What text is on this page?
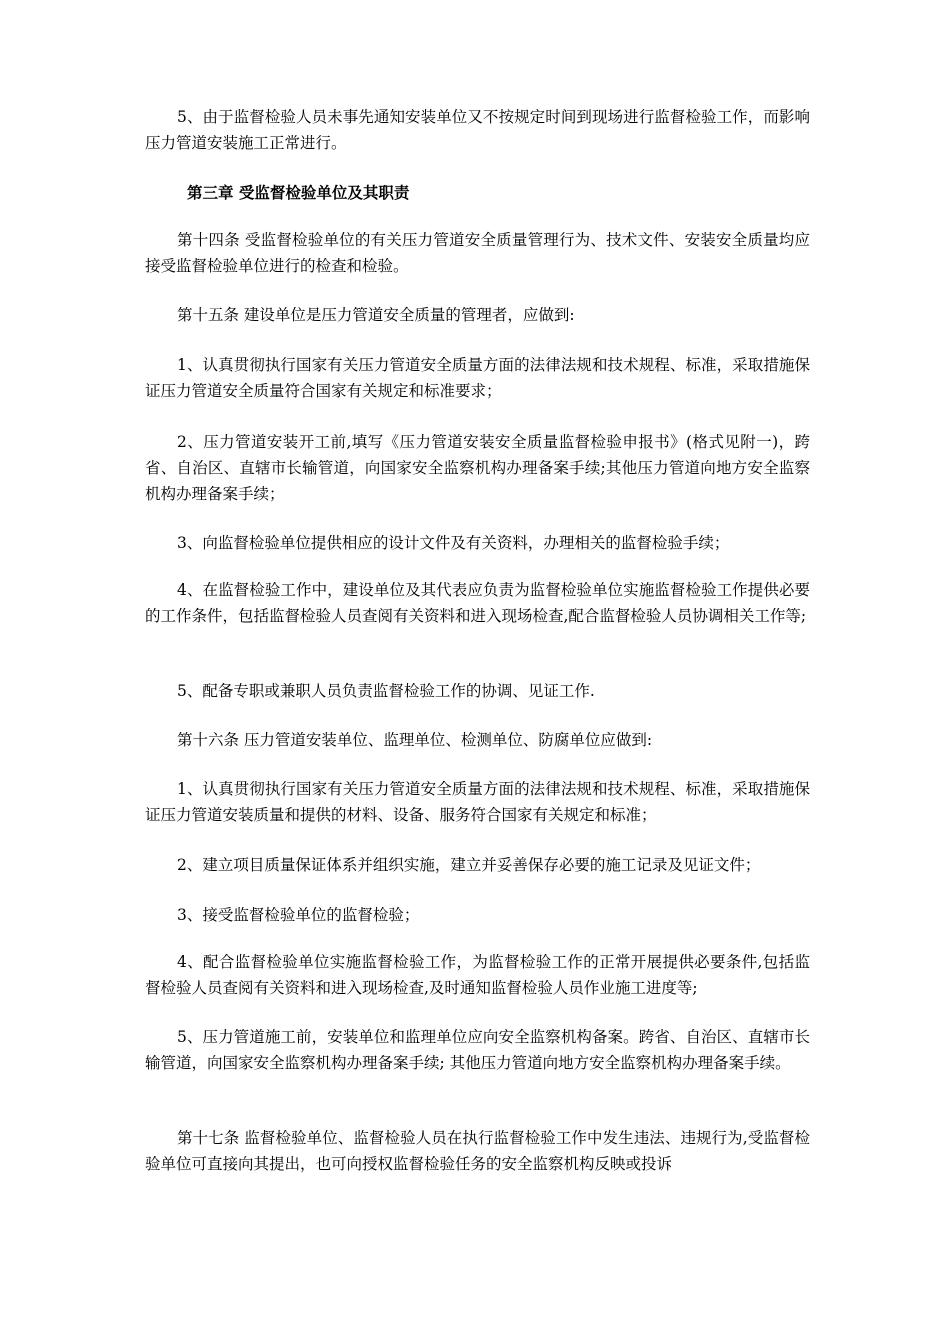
5、由于监督检验人员未事先通知安装单位又不按规定时间到现场进行监督检验工作，而影响压力管道安装施工正常进行。

第三章 受监督检验单位及其职责

第十四条 受监督检验单位的有关压力管道安全质量管理行为、技术文件、安装安全质量均应接受监督检验单位进行的检查和检验。

第十五条 建设单位是压力管道安全质量的管理者，应做到:

1、认真贯彻执行国家有关压力管道安全质量方面的法律法规和技术规程、标准，采取措施保证压力管道安全质量符合国家有关规定和标准要求；

2、压力管道安装开工前,填写《压力管道安装安全质量监督检验申报书》(格式见附一)，跨省、自治区、直辖市长输管道，向国家安全监察机构办理备案手续;其他压力管道向地方安全监察机构办理备案手续；

3、向监督检验单位提供相应的设计文件及有关资料，办理相关的监督检验手续；

4、在监督检验工作中，建设单位及其代表应负责为监督检验单位实施监督检验工作提供必要的工作条件，包括监督检验人员查阅有关资料和进入现场检查,配合监督检验人员协调相关工作等;

5、配备专职或兼职人员负责监督检验工作的协调、见证工作.

第十六条 压力管道安装单位、监理单位、检测单位、防腐单位应做到:

1、认真贯彻执行国家有关压力管道安全质量方面的法律法规和技术规程、标准，采取措施保证压力管道安装质量和提供的材料、设备、服务符合国家有关规定和标准；

2、建立项目质量保证体系并组织实施，建立并妥善保存必要的施工记录及见证文件；

3、接受监督检验单位的监督检验；

4、配合监督检验单位实施监督检验工作，为监督检验工作的正常开展提供必要条件,包括监督检验人员查阅有关资料和进入现场检查,及时通知监督检验人员作业施工进度等;

5、压力管道施工前，安装单位和监理单位应向安全监察机构备案。跨省、自治区、直辖市长输管道，向国家安全监察机构办理备案手续; 其他压力管道向地方安全监察机构办理备案手续。

第十七条 监督检验单位、监督检验人员在执行监督检验工作中发生违法、违规行为,受监督检验单位可直接向其提出，也可向授权监督检验任务的安全监察机构反映或投诉
